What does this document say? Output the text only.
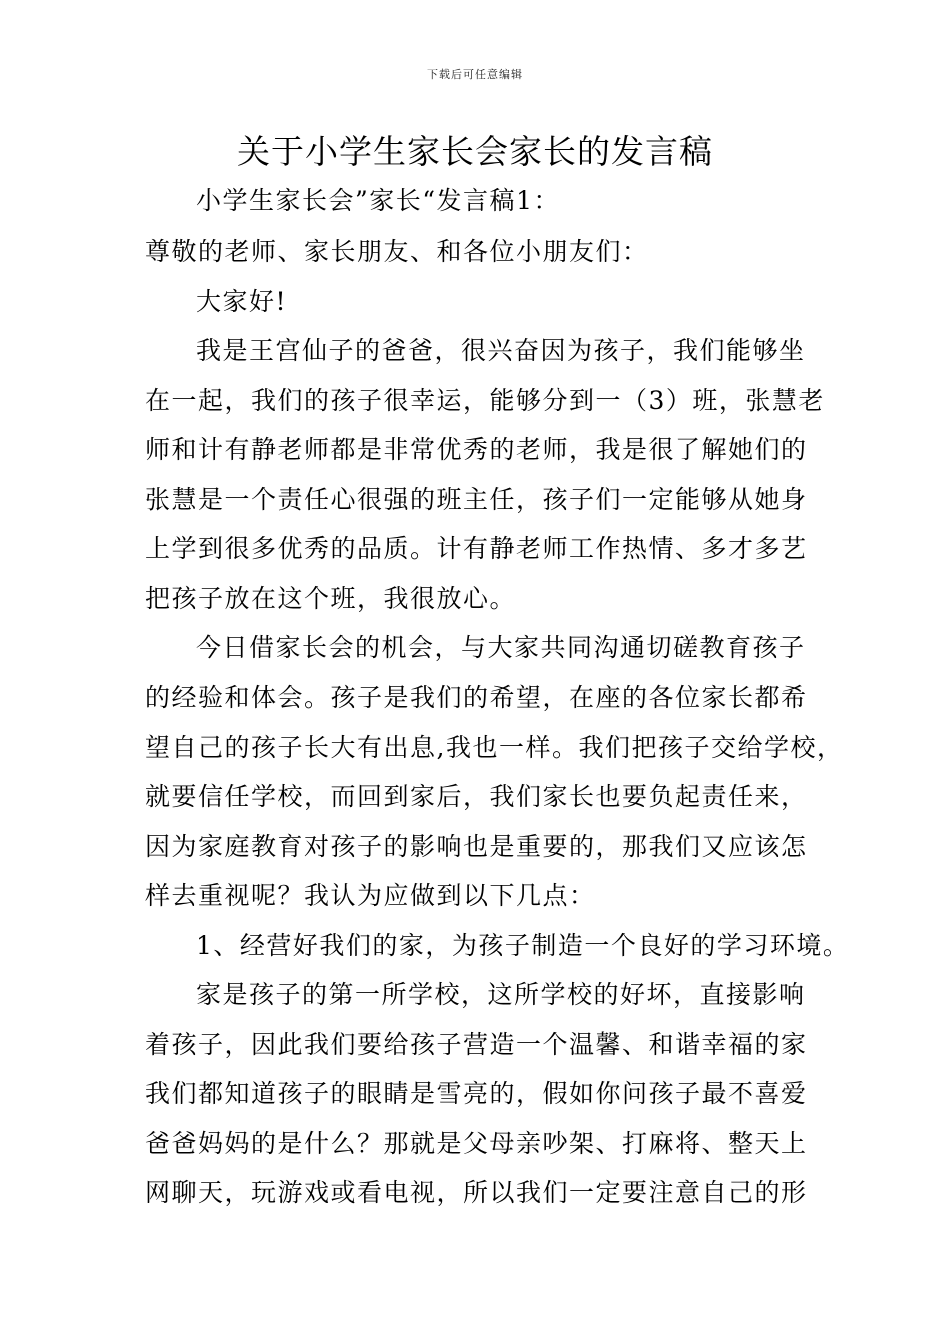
下载后可任意编辑
关于小学生家长会家长的发言稿
小学生家长会”家长“发言稿1：
尊敬的老师、家长朋友、和各位小朋友们：
大家好!
我是王宫仙子的爸爸，很兴奋因为孩子，我们能够坐
在一起，我们的孩子很幸运，能够分到一（3）班，张慧老
师和计有静老师都是非常优秀的老师，我是很了解她们的
张慧是一个责任心很强的班主任，孩子们一定能够从她身
上学到很多优秀的品质。计有静老师工作热情、多才多艺
把孩子放在这个班，我很放心。
今日借家长会的机会，与大家共同沟通切磋教育孩子
的经验和体会。孩子是我们的希望，在座的各位家长都希
望自己的孩子长大有出息,我也一样。我们把孩子交给学校，
就要信任学校，而回到家后，我们家长也要负起责任来，
因为家庭教育对孩子的影响也是重要的，那我们又应该怎
样去重视呢？我认为应做到以下几点：
1、经营好我们的家，为孩子制造一个良好的学习环境。
家是孩子的第一所学校，这所学校的好坏，直接影响
着孩子，因此我们要给孩子营造一个温馨、和谐幸福的家
我们都知道孩子的眼睛是雪亮的，假如你问孩子最不喜爱
爸爸妈妈的是什么？那就是父母亲吵架、打麻将、整天上
网聊天，玩游戏或看电视，所以我们一定要注意自己的形
